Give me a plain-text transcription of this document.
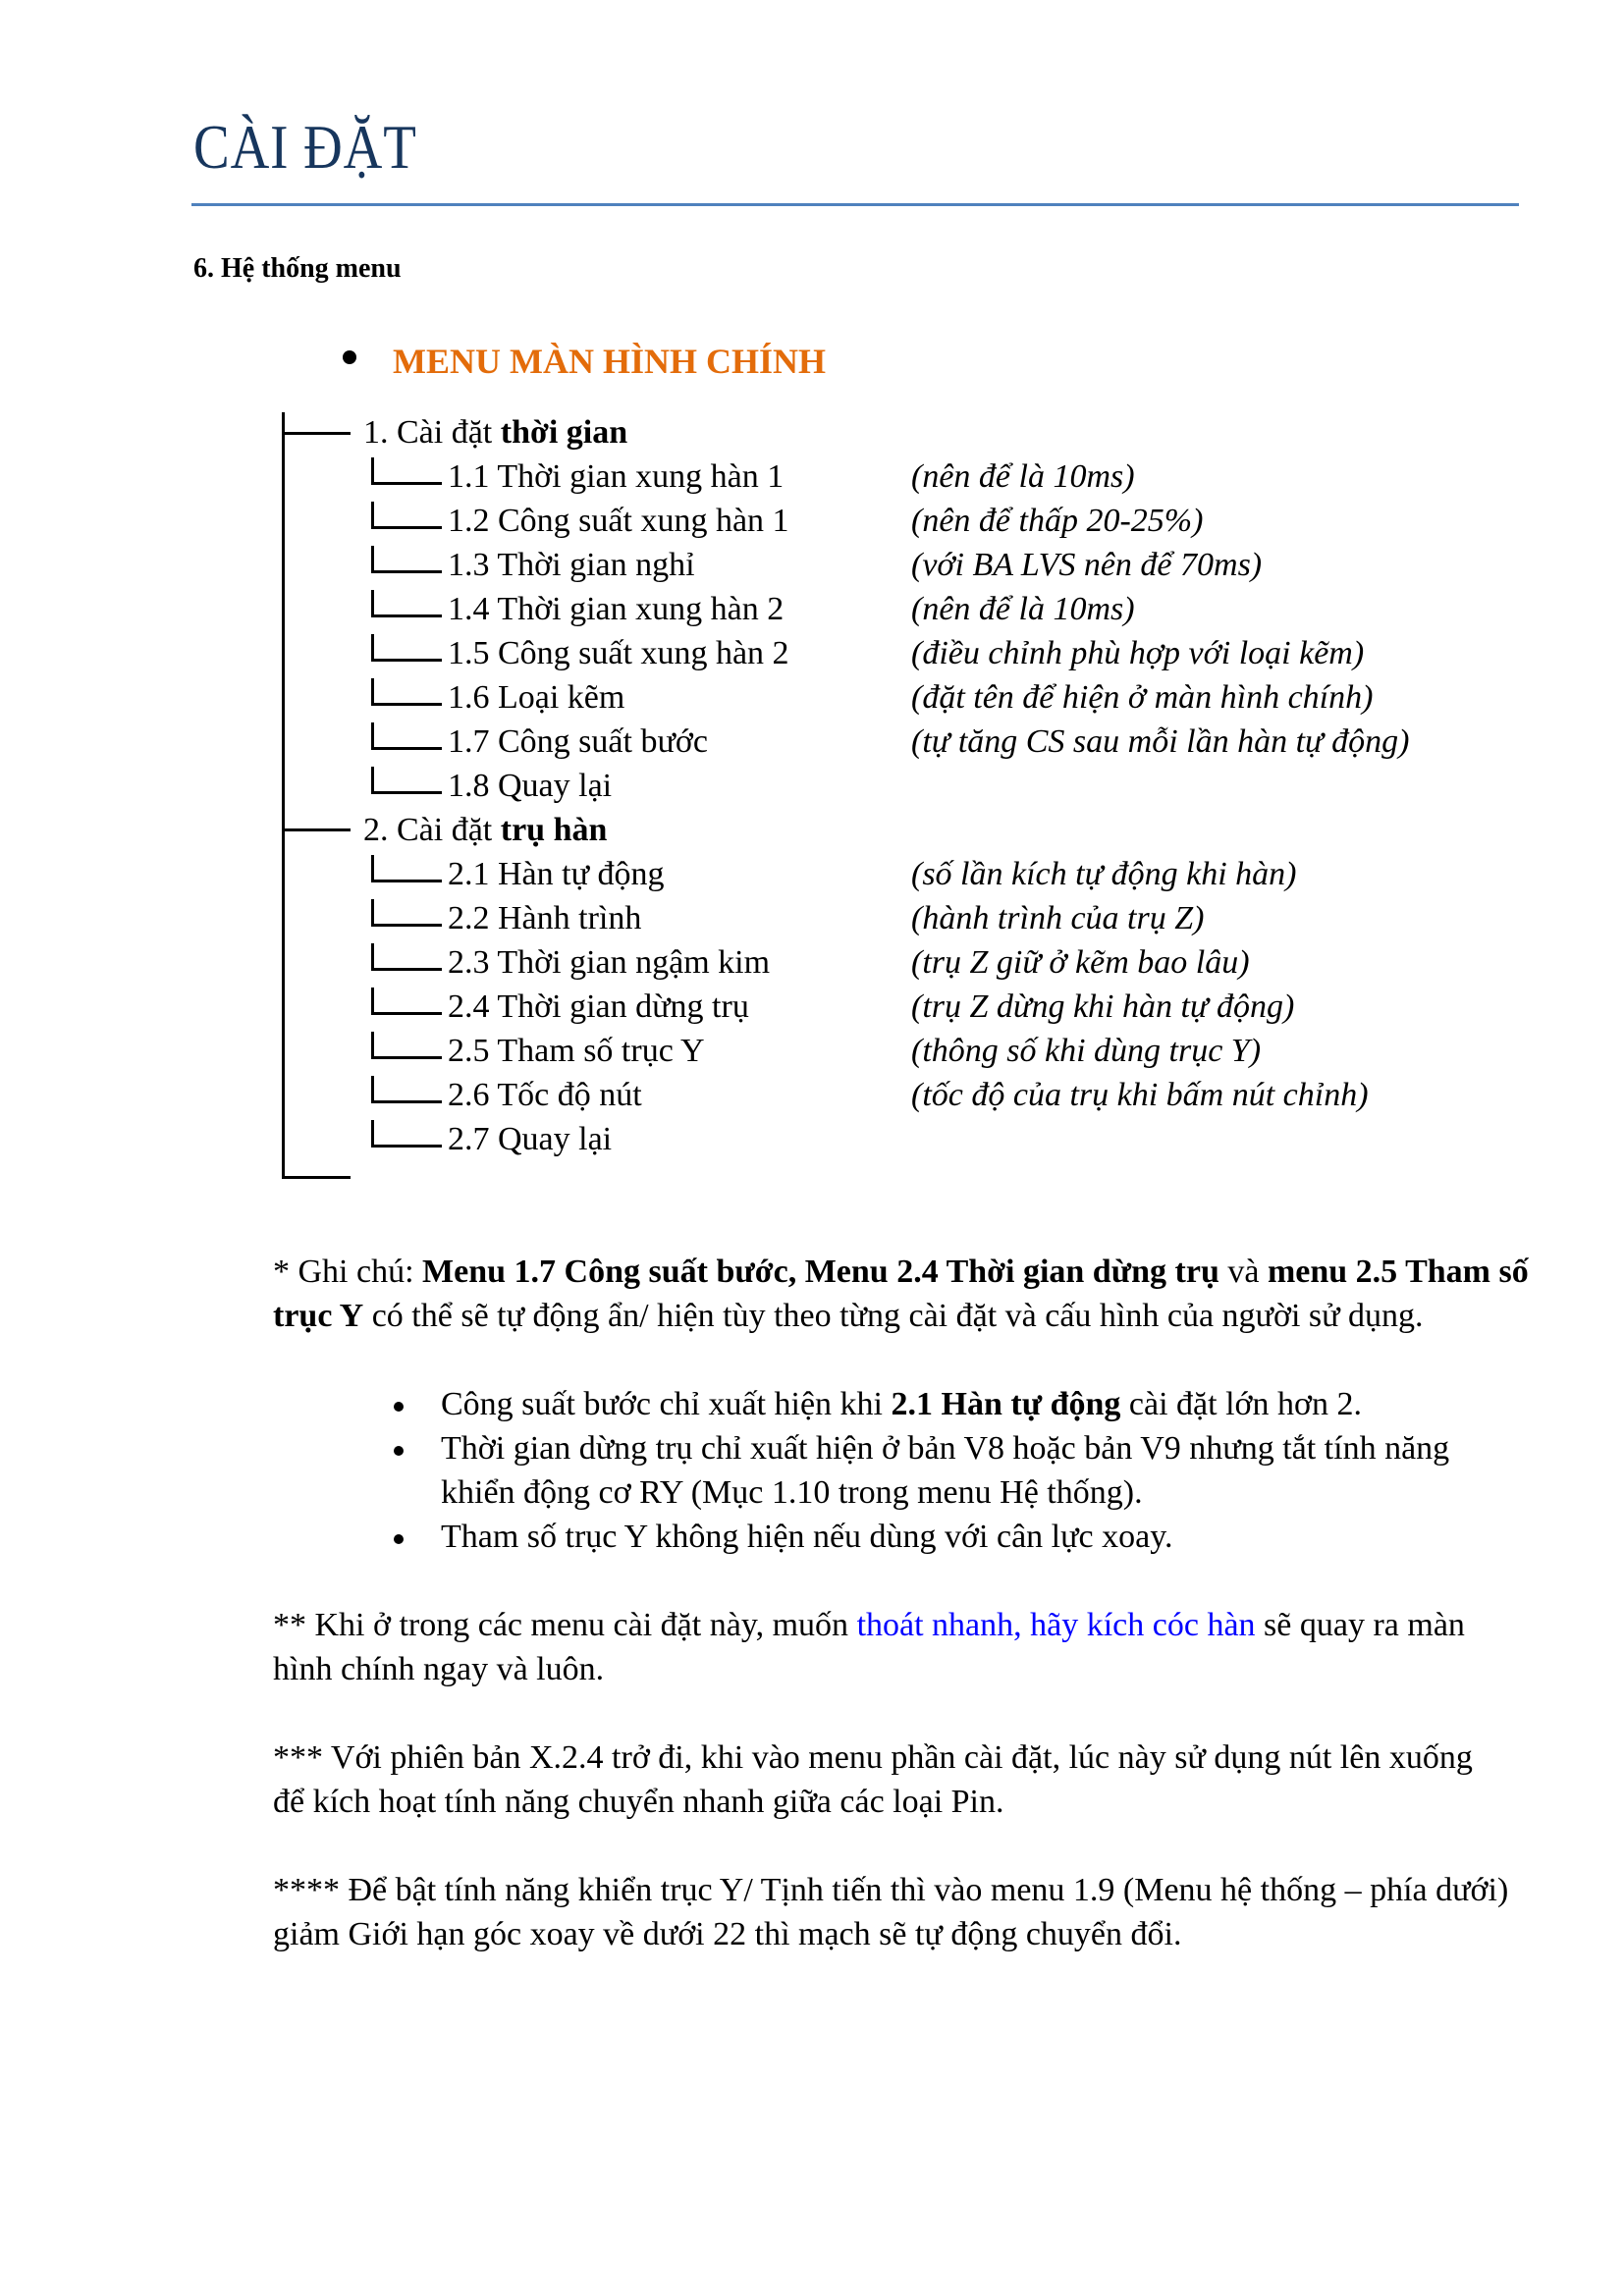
CÀI ĐẶT
6. Hệ thống menu
MENU MÀN HÌNH CHÍNH
1. Cài đặt thời gian
1.1 Thời gian xung hàn 1	(nên để là 10ms)
1.2 Công suất xung hàn 1	(nên để thấp 20-25%)
1.3 Thời gian nghỉ	(với BA LVS nên để 70ms)
1.4 Thời gian xung hàn 2	(nên để là 10ms)
1.5 Công suất xung hàn 2	(điều chỉnh phù hợp với loại kẽm)
1.6 Loại kẽm	(đặt tên để hiện ở màn hình chính)
1.7 Công suất bước	(tự tăng CS sau mỗi lần hàn tự động)
1.8 Quay lại
2. Cài đặt trụ hàn
2.1 Hàn tự động	(số lần kích tự động khi hàn)
2.2 Hành trình	(hành trình của trụ Z)
2.3 Thời gian ngậm kim	(trụ Z giữ ở kẽm bao lâu)
2.4 Thời gian dừng trụ	(trụ Z dừng khi hàn tự động)
2.5 Tham số trục Y	(thông số khi dùng trục Y)
2.6 Tốc độ nút	(tốc độ của trụ khi bấm nút chỉnh)
2.7 Quay lại
* Ghi chú: Menu 1.7 Công suất bước, Menu 2.4 Thời gian dừng trụ và menu 2.5 Tham số trục Y có thể sẽ tự động ẩn/ hiện tùy theo từng cài đặt và cấu hình của người sử dụng.
Công suất bước chỉ xuất hiện khi 2.1 Hàn tự động cài đặt lớn hơn 2.
Thời gian dừng trụ chỉ xuất hiện ở bản V8 hoặc bản V9 nhưng tắt tính năng khiển động cơ RY (Mục 1.10 trong menu Hệ thống).
Tham số trục Y không hiện nếu dùng với cân lực xoay.
** Khi ở trong các menu cài đặt này, muốn thoát nhanh, hãy kích cóc hàn sẽ quay ra màn hình chính ngay và luôn.
*** Với phiên bản X.2.4 trở đi, khi vào menu phần cài đặt, lúc này sử dụng nút lên xuống để kích hoạt tính năng chuyển nhanh giữa các loại Pin.
**** Để bật tính năng khiển trục Y/ Tịnh tiến thì vào menu 1.9 (Menu hệ thống – phía dưới) giảm Giới hạn góc xoay về dưới 22 thì mạch sẽ tự động chuyển đổi.
